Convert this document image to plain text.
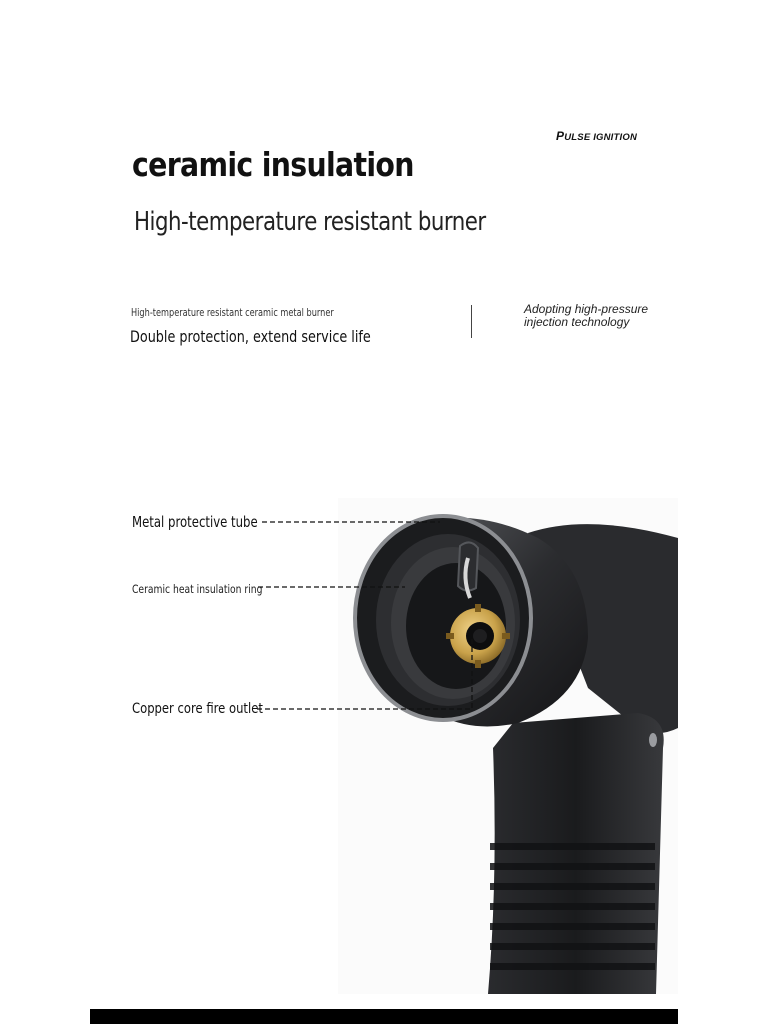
PULSE IGNITION
ceramic insulation
High-temperature resistant burner
High-temperature resistant ceramic metal burner
Double protection, extend service life
Adopting high-pressure
injection technology
Metal protective tube
Ceramic heat insulation ring
Copper core fire outlet
